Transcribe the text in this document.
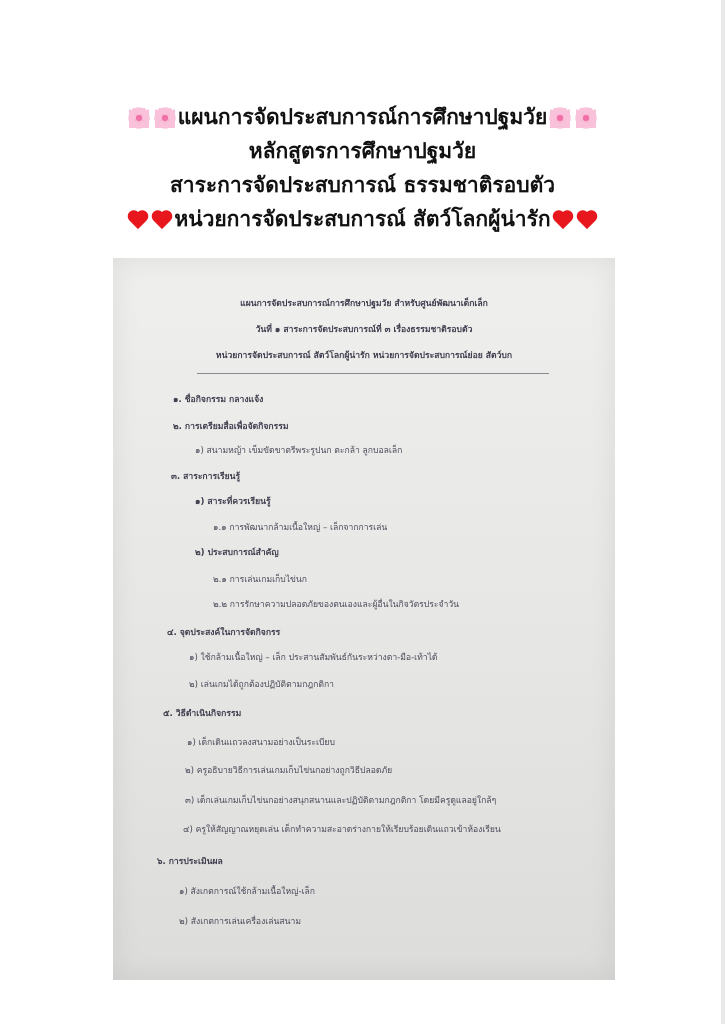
แผนการจัดประสบการณ์การศึกษาปฐมวัย
หลักสูตรการศึกษาปฐมวัย
สาระการจัดประสบการณ์ ธรรมชาติรอบตัว
หน่วยการจัดประสบการณ์ สัตว์โลกผู้น่ารัก
แผนการจัดประสบการณ์การศึกษาปฐมวัย สำหรับศูนย์พัฒนาเด็กเล็ก
วันที่ ๑ สาระการจัดประสบการณ์ที่ ๓ เรื่องธรรมชาติรอบตัว
หน่วยการจัดประสบการณ์ สัตว์โลกผู้น่ารัก หน่วยการจัดประสบการณ์ย่อย สัตว์บก
๑. ชื่อกิจกรรม กลางแจ้ง
๒. การเตรียมสื่อเพื่อจัดกิจกรรม
๑) สนามหญ้า เข็มขัดขาตรีพระรูปนก ตะกล้า ลูกบอลเล็ก
๓. สาระการเรียนรู้
๑) สาระที่ควรเรียนรู้
๑.๑ การพัฒนากล้ามเนื้อใหญ่ – เล็กจากการเล่น
๒) ประสบการณ์สำคัญ
๒.๑ การเล่นเกมเก็บไข่นก
๒.๒ การรักษาความปลอดภัยของตนเองและผู้อื่นในกิจวัตรประจำวัน
๔. จุดประสงค์ในการจัดกิจกรร
๑) ใช้กล้ามเนื้อใหญ่ – เล็ก ประสานสัมพันธ์กันระหว่างตา-มือ-เท้าได้
๒) เล่นเกมได้ถูกต้องปฏิบัติตามกฎกติกา
๕. วิธีดำเนินกิจกรรม
๑) เด็กเดินแถวลงสนามอย่างเป็นระเบียบ
๒) ครูอธิบายวิธีการเล่นเกมเก็บไข่นกอย่างถูกวิธีปลอดภัย
๓) เด็กเล่นเกมเก็บไข่นกอย่างสนุกสนานและปฏิบัติตามกฎกติกา โดยมีครูดูแลอยู่ใกล้ๆ
๔) ครูให้สัญญาณหยุดเล่น เด็กทำความสะอาดร่างกายให้เรียบร้อยเดินแถวเข้าห้องเรียน
๖. การประเมินผล
๑) สังเกตการณ์ใช้กล้ามเนื้อใหญ่-เล็ก
๒) สังเกตการเล่นเครื่องเล่นสนาม
